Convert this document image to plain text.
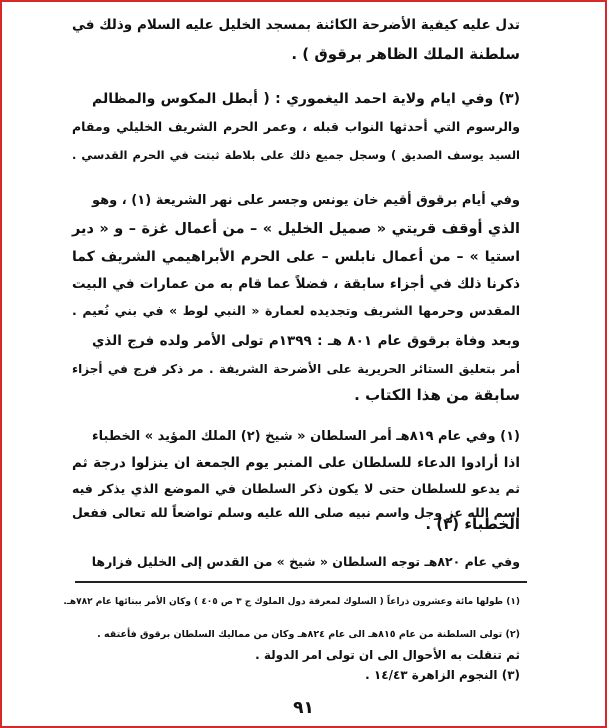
تدل عليه كيفية الأضرحة الكائنة بمسجد الخليل عليه السلام وذلك في
سلطنة الملك الظاهر برقوق ) .
(٣) وفي ايام ولاية احمد اليغموري : ( أبطل المكوس والمظالم
والرسوم التي أحدثها النواب قبله ، وعمر الحرم الشريف الخليلي ومقام
السيد يوسف الصديق ) وسجل جميع ذلك على بلاطة ثبتت في الحرم القدسي .
وفي أيام برقوق أقيم خان يونس وجسر على نهر الشريعة (١) ، وهو
الذي أوقف قريتي « صميل الخليل » – من أعمال غزة – و « دير
استيا » – من أعمال نابلس – على الحرم الأبراهيمي الشريف كما
ذكرنا ذلك في أجزاء سابقة ، فضلاً عما قام به من عمارات في البيت
المقدس وحرمها الشريف وتجديده لعمارة « النبي لوط » في بني نُعيم .
وبعد وفاة برقوق عام ٨٠١ هـ : ١٣٩٩م تولى الأمر ولده فرج الذي
أمر بتعليق الستائر الحريرية على الأضرحة الشريفة . مر ذكر فرج في أجزاء
سابقة من هذا الكتاب .
(١) وفي عام ٨١٩هـ أمر السلطان « شيخ (٢) الملك المؤيد » الخطباء
اذا أرادوا الدعاء للسلطان على المنبر يوم الجمعة ان ينزلوا درجة ثم
ثم يدعو للسلطان حتى لا يكون ذكر السلطان في الموضع الذي يذكر فيه
اسم الله عز وجل واسم نبيه صلى الله عليه وسلم تواضعاً لله تعالى ففعل
الخطباء (٣) .
وفي عام ٨٢٠هـ توجه السلطان « شيخ » من القدس إلى الخليل فزارها
(١) طولها مائة وعشرون ذراعاً ( السلوك لمعرفة دول الملوك ج ٣ ص ٤٠٥ ) وكان الأمر ببنائها عام ٧٨٢هـ.
(٢) تولى السلطنة من عام ٨١٥هـ الى عام ٨٢٤هـ وكان من مماليك السلطان برقوق فأعتقه .
ثم تنقلت به الأحوال الى ان تولى امر الدولة .
(٣) النجوم الزاهرة ١٤/٤٣ .
٩١
